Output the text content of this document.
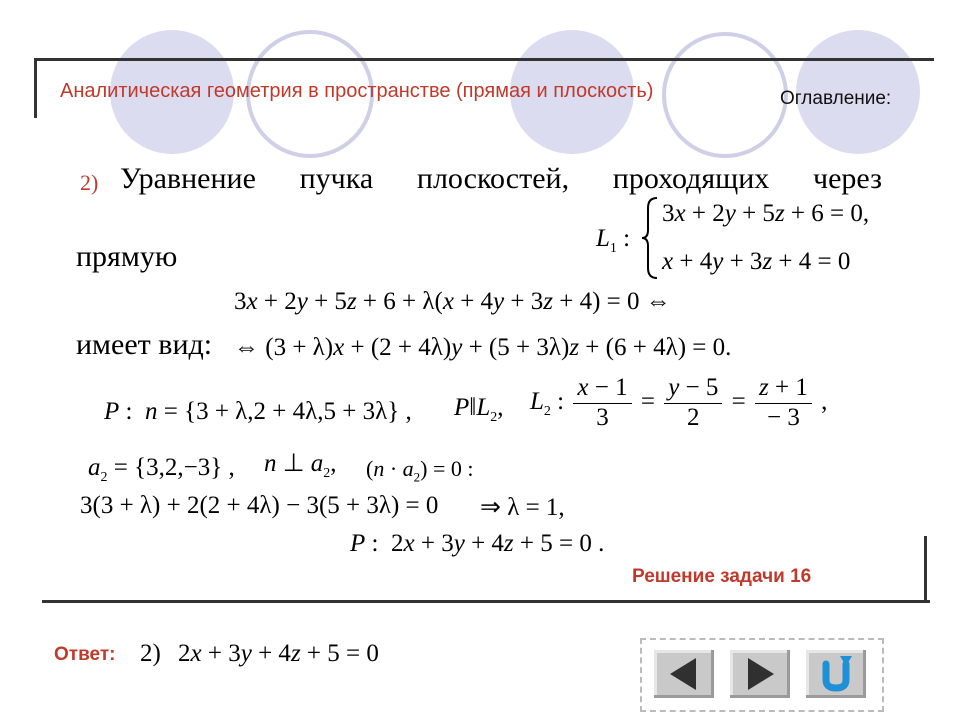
Аналитическая геометрия в пространстве (прямая и плоскость)	Оглавление:
2) Уравнение пучка плоскостей, проходящих через
прямую
$L_1$ :
3x + 2y + 5z + 6 = 0,
x + 4y + 3z + 4 = 0
3x + 2y + 5z + 6 + λ(x + 4y + 3z + 4) = 0 ⇔
имеет вид: ⇔ (3 + λ)x + (2 + 4λ)y + (5 + 3λ)z + (6 + 4λ) = 0.
P :  n = {3 + λ,2 + 4λ,5 + 3λ} , $P‖L_2$, $L_2$ : $\frac{x - 1}{3} = \frac{y - 5}{2} = \frac{z + 1}{- 3}$ ,
$a_2 = \{3,2,-3\}$ , n ⊥ $a_2$, $(n \cdot a_2) = 0$ :
3(3 + λ) + 2(2 + 4λ) − 3(5 + 3λ) = 0 ⇒ λ = 1,
P :  2x + 3y + 4z + 5 = 0 .
Решение задачи 16
Ответ: 2) 2x + 3y + 4z + 5 = 0
